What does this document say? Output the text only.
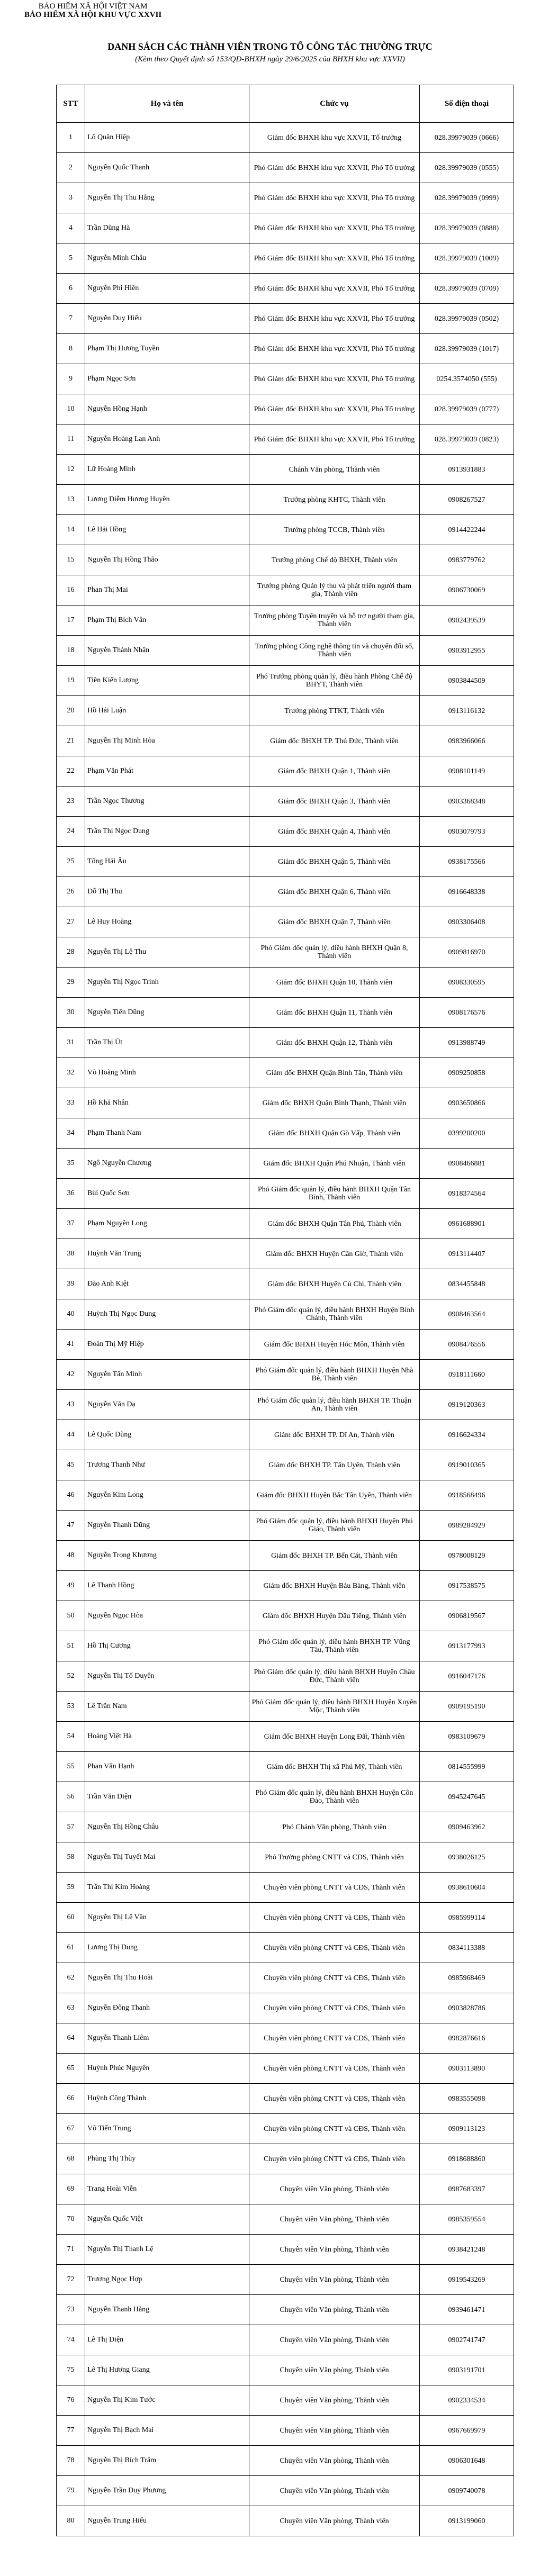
BẢO HIỂM XÃ HỘI VIỆT NAM
BẢO HIỂM XÃ HỘI KHU VỰC XXVII
DANH SÁCH CÁC THÀNH VIÊN TRONG TỔ CÔNG TÁC THƯỜNG TRỰC
(Kèm theo Quyết định số 153/QĐ-BHXH ngày 29/6/2025 của BHXH khu vực XXVII)
STT	Họ và tên	Chức vụ	Số điện thoại
1	Lô Quân Hiệp	Giám đốc BHXH khu vực XXVII, Tổ trưởng	028.39979039 (0666)
2	Nguyễn Quốc Thanh	Phó Giám đốc BHXH khu vực XXVII, Phó Tổ trưởng	028.39979039 (0555)
3	Nguyễn Thị Thu Hằng	Phó Giám đốc BHXH khu vực XXVII, Phó Tổ trưởng	028.39979039 (0999)
4	Trần Dũng Hà	Phó Giám đốc BHXH khu vực XXVII, Phó Tổ trưởng	028.39979039 (0888)
5	Nguyễn Minh Châu	Phó Giám đốc BHXH khu vực XXVII, Phó Tổ trưởng	028.39979039 (1009)
6	Nguyễn Phi Hiền	Phó Giám đốc BHXH khu vực XXVII, Phó Tổ trưởng	028.39979039 (0709)
7	Nguyễn Duy Hiếu	Phó Giám đốc BHXH khu vực XXVII, Phó Tổ trưởng	028.39979039 (0502)
8	Phạm Thị Hương Tuyền	Phó Giám đốc BHXH khu vực XXVII, Phó Tổ trưởng	028.39979039 (1017)
9	Phạm Ngọc Sơn	Phó Giám đốc BHXH khu vực XXVII, Phó Tổ trưởng	0254.3574050 (555)
10	Nguyễn Hồng Hạnh	Phó Giám đốc BHXH khu vực XXVII, Phó Tổ trưởng	028.39979039 (0777)
11	Nguyễn Hoàng Lan Anh	Phó Giám đốc BHXH khu vực XXVII, Phó Tổ trưởng	028.39979039 (0823)
12	Lữ Hoàng Minh	Chánh Văn phòng, Thành viên	0913931883
13	Lương Diễm Hương Huyền	Trưởng phòng KHTC, Thành viên	0908267527
14	Lê Hải Hồng	Trưởng phòng TCCB, Thành viên	0914422244
15	Nguyễn Thị Hồng Thảo	Trưởng phòng Chế độ BHXH, Thành viên	0983779762
16	Phan Thị Mai	Trưởng phòng Quản lý thu và phát triển người tham gia, Thành viên	0906730069
17	Phạm Thị Bích Vân	Trưởng phòng Tuyên truyền và hỗ trợ người tham gia, Thành viên	0902439539
18	Nguyễn Thành Nhân	Trưởng phòng Công nghệ thông tin và chuyển đổi số, Thành viên	0903912955
19	Tiền Kiến Lượng	Phó Trưởng phòng quản lý, điều hành Phòng Chế độ BHYT, Thành viên	0903844509
20	Hồ Hải Luận	Trưởng phòng TTKT, Thành viên	0913116132
21	Nguyễn Thị Minh Hòa	Giám đốc BHXH TP. Thủ Đức, Thành viên	0983966066
22	Phạm Văn Phát	Giám đốc BHXH Quận 1, Thành viên	0908101149
23	Trần Ngọc Thương	Giám đốc BHXH Quận 3, Thành viên	0903368348
24	Trần Thị Ngọc Dung	Giám đốc BHXH Quận 4, Thành viên	0903079793
25	Tống Hải Âu	Giám đốc BHXH Quận 5, Thành viên	0938175566
26	Đỗ Thị Thu	Giám đốc BHXH Quận 6, Thành viên	0916648338
27	Lê Huy Hoàng	Giám đốc BHXH Quận 7, Thành viên	0903306408
28	Nguyễn Thị Lệ Thu	Phó Giám đốc quản lý, điều hành BHXH Quận 8, Thành viên	0909816970
29	Nguyễn Thị Ngọc Trinh	Giám đốc BHXH Quận 10, Thành viên	0908330595
30	Nguyễn Tiến Dũng	Giám đốc BHXH Quận 11, Thành viên	0908176576
31	Trần Thị Út	Giám đốc BHXH Quận 12, Thành viên	0913988749
32	Võ Hoàng Minh	Giám đốc BHXH Quận Bình Tân, Thành viên	0909250858
33	Hồ Khả Nhân	Giám đốc BHXH Quận Bình Thạnh, Thành viên	0903650866
34	Phạm Thanh Nam	Giám đốc BHXH Quận Gò Vấp, Thành viên	0399200200
35	Ngô Nguyễn Chương	Giám đốc BHXH Quận Phú Nhuận, Thành viên	0908466881
36	Bùi Quốc Sơn	Phó Giám đốc quản lý, điều hành BHXH Quận Tân Bình, Thành viên	0918374564
37	Phạm Nguyên Long	Giám đốc BHXH Quận Tân Phú, Thành viên	0961688901
38	Huỳnh Văn Trung	Giám đốc BHXH Huyện Cần Giờ, Thành viên	0913114407
39	Đào Anh Kiệt	Giám đốc BHXH Huyện Củ Chi, Thành viên	0834455848
40	Huỳnh Thị Ngọc Dung	Phó Giám đốc quản lý, điều hành BHXH Huyện Bình Chánh, Thành viên	0908463564
41	Đoàn Thị Mỹ Hiệp	Giám đốc BHXH Huyện Hóc Môn, Thành viên	0908476556
42	Nguyễn Tấn Minh	Phó Giám đốc quản lý, điều hành BHXH Huyện Nhà Bè, Thành viên	0918111660
43	Nguyễn Văn Dạ	Phó Giám đốc quản lý, điều hành BHXH TP. Thuận An, Thành viên	0919120363
44	Lê Quốc Dũng	Giám đốc BHXH TP. Dĩ An, Thành viên	0916624334
45	Trương Thanh Như	Giám đốc BHXH TP. Tân Uyên, Thành viên	0919010365
46	Nguyễn Kim Long	Giám đốc BHXH Huyện Bắc Tân Uyên, Thành viên	0918568496
47	Nguyễn Thanh Dũng	Phó Giám đốc quản lý, điều hành BHXH Huyện Phú Giáo, Thành viên	0989284929
48	Nguyễn Trọng Khương	Giám đốc BHXH TP. Bến Cát, Thành viên	0978008129
49	Lê Thanh Hồng	Giám đốc BHXH Huyện Bàu Bàng, Thành viên	0917538575
50	Nguyễn Ngọc Hòa	Giám đốc BHXH Huyện Dầu Tiếng, Thành viên	0906819567
51	Hồ Thị Cương	Phó Giám đốc quản lý, điều hành BHXH TP. Vũng Tàu, Thành viên	0913177993
52	Nguyễn Thị Tố Duyên	Phó Giám đốc quản lý, điều hành BHXH Huyện Châu Đức, Thành viên	0916047176
53	Lê Trần Nam	Phó Giám đốc quản lý, điều hành BHXH Huyện Xuyên Mộc, Thành viên	0909195190
54	Hoàng Việt Hà	Giám đốc BHXH Huyện Long Đất, Thành viên	0983109679
55	Phan Văn Hạnh	Giám đốc BHXH Thị xã Phú Mỹ, Thành viên	0814555999
56	Trần Văn Diện	Phó Giám đốc quản lý, điều hành BHXH Huyện Côn Đảo, Thành viên	0945247645
57	Nguyễn Thị Hồng Châu	Phó Chánh Văn phòng, Thành viên	0909463962
58	Nguyễn Thị Tuyết Mai	Phó Trưởng phòng CNTT và CĐS, Thành viên	0938026125
59	Trần Thị Kim Hoàng	Chuyên viên phòng CNTT và CĐS, Thành viên	0938610604
60	Nguyễn Thị Lệ Vân	Chuyên viên phòng CNTT và CĐS, Thành viên	0985999114
61	Lương Thị Dung	Chuyên viên phòng CNTT và CĐS, Thành viên	0834113388
62	Nguyễn Thị Thu Hoài	Chuyên viên phòng CNTT và CĐS, Thành viên	0985968469
63	Nguyễn Đông Thanh	Chuyên viên phòng CNTT và CĐS, Thành viên	0903828786
64	Nguyễn Thanh Liêm	Chuyên viên phòng CNTT và CĐS, Thành viên	0982876616
65	Huỳnh Phúc Nguyên	Chuyên viên phòng CNTT và CĐS, Thành viên	0903113890
66	Huỳnh Công Thành	Chuyên viên phòng CNTT và CĐS, Thành viên	0983555098
67	Võ Tiến Trung	Chuyên viên phòng CNTT và CĐS, Thành viên	0909113123
68	Phùng Thị Thùy	Chuyên viên phòng CNTT và CĐS, Thành viên	0918688860
69	Trang Hoài Viễn	Chuyên viên Văn phòng, Thành viên	0987683397
70	Nguyễn Quốc Việt	Chuyên viên Văn phòng, Thành viên	0985359554
71	Nguyễn Thị Thanh Lệ	Chuyên viên Văn phòng, Thành viên	0938421248
72	Trương Ngọc Hợp	Chuyên viên Văn phòng, Thành viên	0919543269
73	Nguyễn Thanh Hằng	Chuyên viên Văn phòng, Thành viên	0939461471
74	Lê Thị Diện	Chuyên viên Văn phòng, Thành viên	0902741747
75	Lê Thị Hương Giang	Chuyên viên Văn phòng, Thành viên	0903191701
76	Nguyễn Thị Kim Tước	Chuyên viên Văn phòng, Thành viên	0902334534
77	Nguyễn Thị Bạch Mai	Chuyên viên Văn phòng, Thành viên	0967669979
78	Nguyễn Thị Bích Trâm	Chuyên viên Văn phòng, Thành viên	0906301648
79	Nguyễn Trần Duy Phương	Chuyên viên Văn phòng, Thành viên	0909740078
80	Nguyễn Trung Hiếu	Chuyên viên Văn phòng, Thành viên	0913199060
